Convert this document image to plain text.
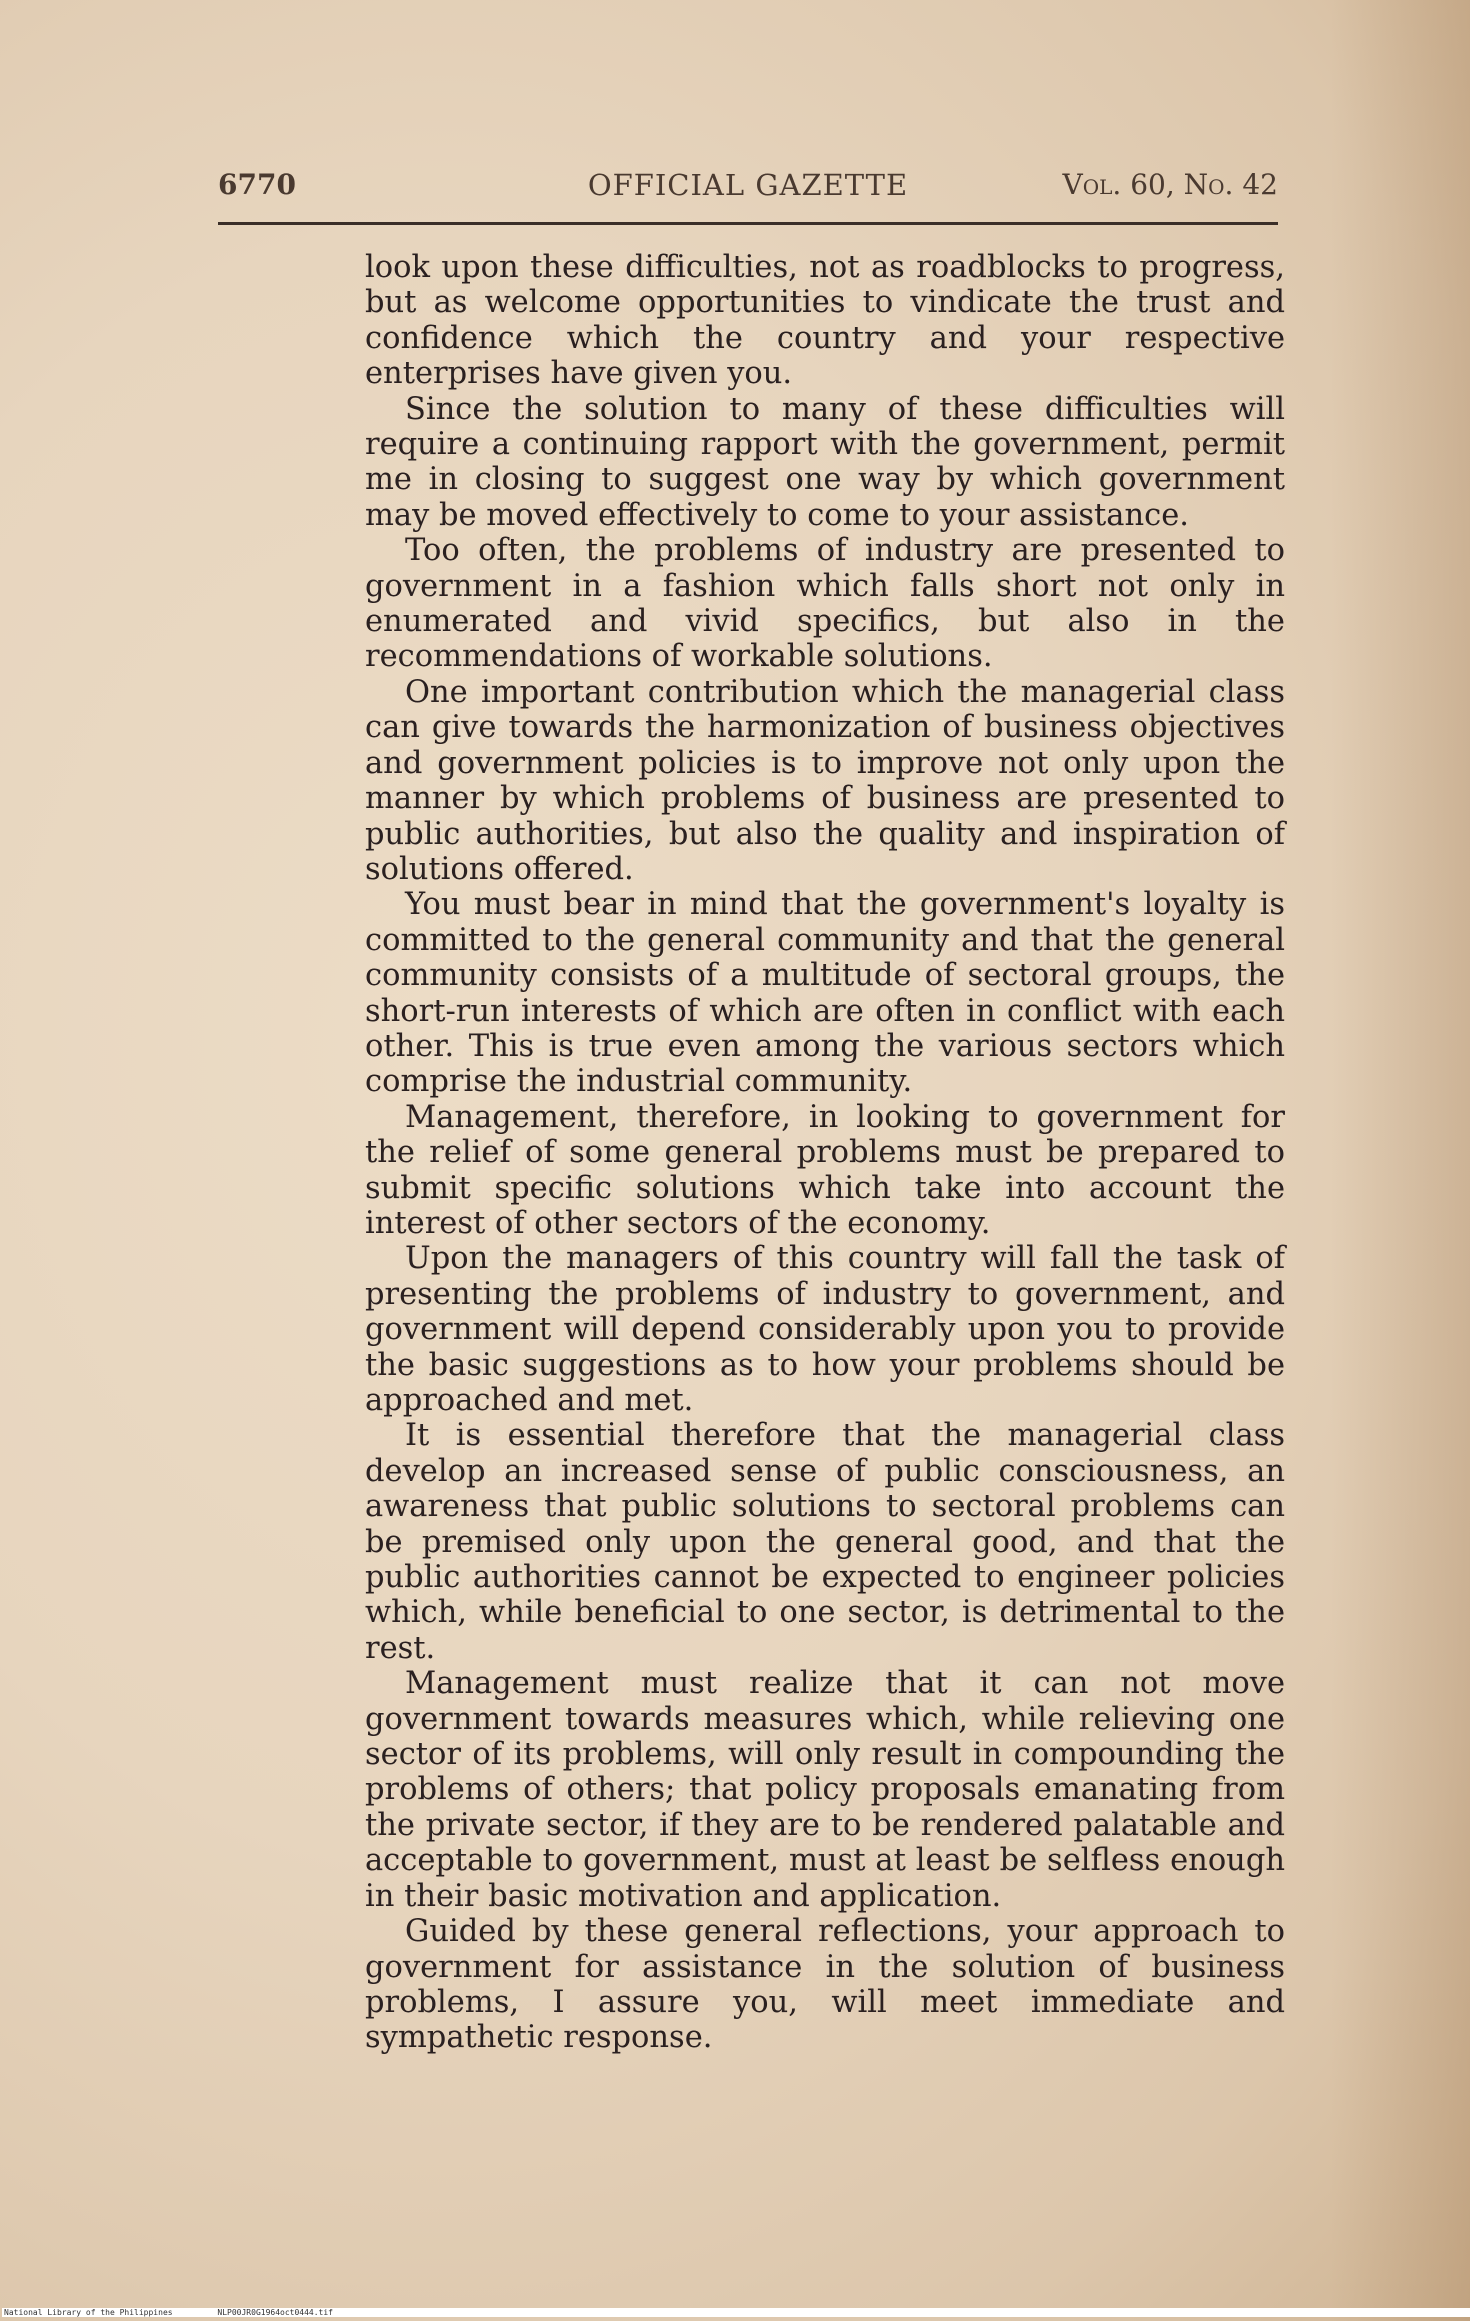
6770	OFFICIAL GAZETTE	Vol. 60, No. 42

look upon these difficulties, not as roadblocks to progress, but as welcome opportunities to vindicate the trust and confidence which the country and your respective enterprises have given you.

Since the solution to many of these difficulties will require a continuing rapport with the government, permit me in closing to suggest one way by which government may be moved effectively to come to your assistance.

Too often, the problems of industry are presented to government in a fashion which falls short not only in enumerated and vivid specifics, but also in the recommendations of workable solutions.

One important contribution which the managerial class can give towards the harmonization of business objectives and government policies is to improve not only upon the manner by which problems of business are presented to public authorities, but also the quality and inspiration of solutions offered.

You must bear in mind that the government's loyalty is committed to the general community and that the general community consists of a multitude of sectoral groups, the short-run interests of which are often in conflict with each other. This is true even among the various sectors which comprise the industrial community.

Management, therefore, in looking to government for the relief of some general problems must be prepared to submit specific solutions which take into account the interest of other sectors of the economy.

Upon the managers of this country will fall the task of presenting the problems of industry to government, and government will depend considerably upon you to provide the basic suggestions as to how your problems should be approached and met.

It is essential therefore that the managerial class develop an increased sense of public consciousness, an awareness that public solutions to sectoral problems can be premised only upon the general good, and that the public authorities cannot be expected to engineer policies which, while beneficial to one sector, is detrimental to the rest.

Management must realize that it can not move government towards measures which, while relieving one sector of its problems, will only result in compounding the problems of others; that policy proposals emanating from the private sector, if they are to be rendered palatable and acceptable to government, must at least be selfless enough in their basic motivation and application.

Guided by these general reflections, your approach to government for assistance in the solution of business problems, I assure you, will meet immediate and sympathetic response.

National Library of the Philippines	NLP00JR0G1964oct0444.tif
